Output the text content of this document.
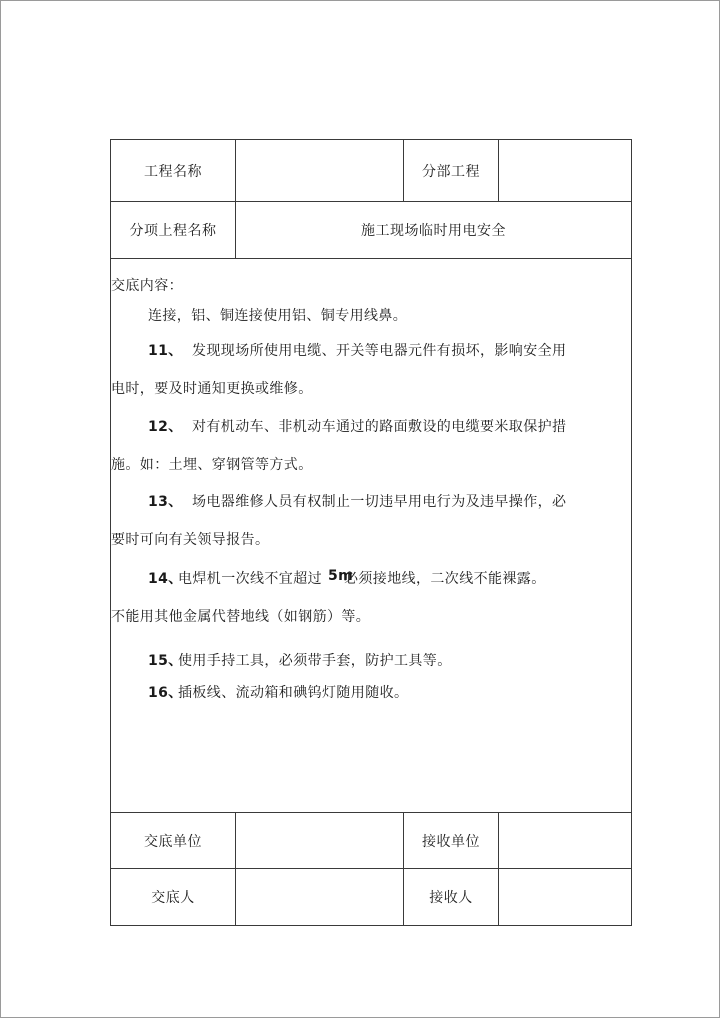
工程名称	分部工程
分项上程名称	施工现场临时用电安全
交底内容：
连接，铝、铜连接使用铝、铜专用线鼻。
11、 发现现场所使用电缆、开关等电器元件有损坏，影响安全用
电时，要及时通知更换或维修。
12、 对有机动车、非机动车通过的路面敷设的电缆要米取保护措
施。如：土埋、穿钢管等方式。
13、 场电器维修人员有权制止一切违早用电行为及违早操作，必
要时可向有关领导报告。
14、
电焊机一次线不宜超过 5m
必须接地线，二次线不能裸露。
不能用其他金属代替地线（如钢筋）等。
15、
使用手持工具，必须带手套，防护工具等。
16、
插板线、流动箱和碘钨灯随用随收。
交底单位	接收单位
交底人	接收人
